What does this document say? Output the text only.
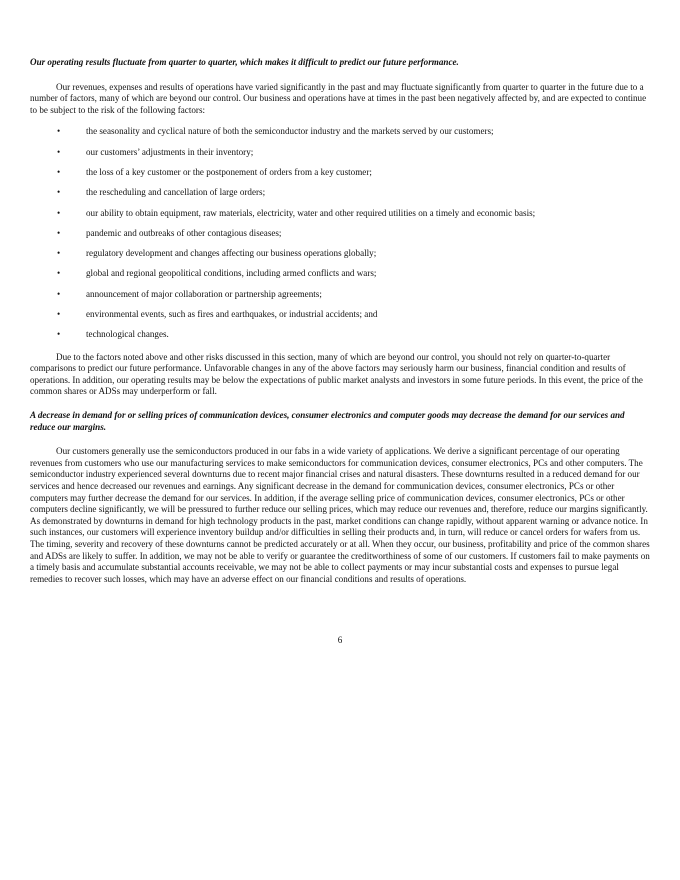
Our operating results fluctuate from quarter to quarter, which makes it difficult to predict our future performance.

Our revenues, expenses and results of operations have varied significantly in the past and may fluctuate significantly from quarter to quarter in the future due to a number of factors, many of which are beyond our control. Our business and operations have at times in the past been negatively affected by, and are expected to continue to be subject to the risk of the following factors:

•	the seasonality and cyclical nature of both the semiconductor industry and the markets served by our customers;
•	our customers’ adjustments in their inventory;
•	the loss of a key customer or the postponement of orders from a key customer;
•	the rescheduling and cancellation of large orders;
•	our ability to obtain equipment, raw materials, electricity, water and other required utilities on a timely and economic basis;
•	pandemic and outbreaks of other contagious diseases;
•	regulatory development and changes affecting our business operations globally;
•	global and regional geopolitical conditions, including armed conflicts and wars;
•	announcement of major collaboration or partnership agreements;
•	environmental events, such as fires and earthquakes, or industrial accidents; and
•	technological changes.

Due to the factors noted above and other risks discussed in this section, many of which are beyond our control, you should not rely on quarter-to-quarter comparisons to predict our future performance. Unfavorable changes in any of the above factors may seriously harm our business, financial condition and results of operations. In addition, our operating results may be below the expectations of public market analysts and investors in some future periods. In this event, the price of the common shares or ADSs may underperform or fall.

A decrease in demand for or selling prices of communication devices, consumer electronics and computer goods may decrease the demand for our services and reduce our margins.

Our customers generally use the semiconductors produced in our fabs in a wide variety of applications. We derive a significant percentage of our operating revenues from customers who use our manufacturing services to make semiconductors for communication devices, consumer electronics, PCs and other computers. The semiconductor industry experienced several downturns due to recent major financial crises and natural disasters. These downturns resulted in a reduced demand for our services and hence decreased our revenues and earnings. Any significant decrease in the demand for communication devices, consumer electronics, PCs or other computers may further decrease the demand for our services. In addition, if the average selling price of communication devices, consumer electronics, PCs or other computers decline significantly, we will be pressured to further reduce our selling prices, which may reduce our revenues and, therefore, reduce our margins significantly. As demonstrated by downturns in demand for high technology products in the past, market conditions can change rapidly, without apparent warning or advance notice. In such instances, our customers will experience inventory buildup and/or difficulties in selling their products and, in turn, will reduce or cancel orders for wafers from us. The timing, severity and recovery of these downturns cannot be predicted accurately or at all. When they occur, our business, profitability and price of the common shares and ADSs are likely to suffer. In addition, we may not be able to verify or guarantee the creditworthiness of some of our customers. If customers fail to make payments on a timely basis and accumulate substantial accounts receivable, we may not be able to collect payments or may incur substantial costs and expenses to pursue legal remedies to recover such losses, which may have an adverse effect on our financial conditions and results of operations.

6
